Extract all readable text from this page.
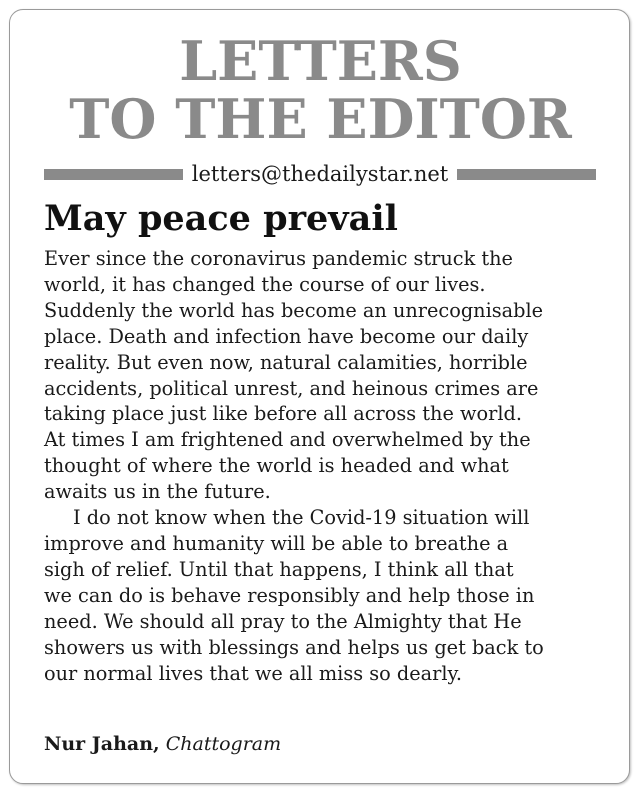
LETTERS
TO THE EDITOR
letters@thedailystar.net
May peace prevail
Ever since the coronavirus pandemic struck the
world, it has changed the course of our lives.
Suddenly the world has become an unrecognisable
place. Death and infection have become our daily
reality. But even now, natural calamities, horrible
accidents, political unrest, and heinous crimes are
taking place just like before all across the world.
At times I am frightened and overwhelmed by the
thought of where the world is headed and what
awaits us in the future.
I do not know when the Covid-19 situation will
improve and humanity will be able to breathe a
sigh of relief. Until that happens, I think all that
we can do is behave responsibly and help those in
need. We should all pray to the Almighty that He
showers us with blessings and helps us get back to
our normal lives that we all miss so dearly.
Nur Jahan, Chattogram
